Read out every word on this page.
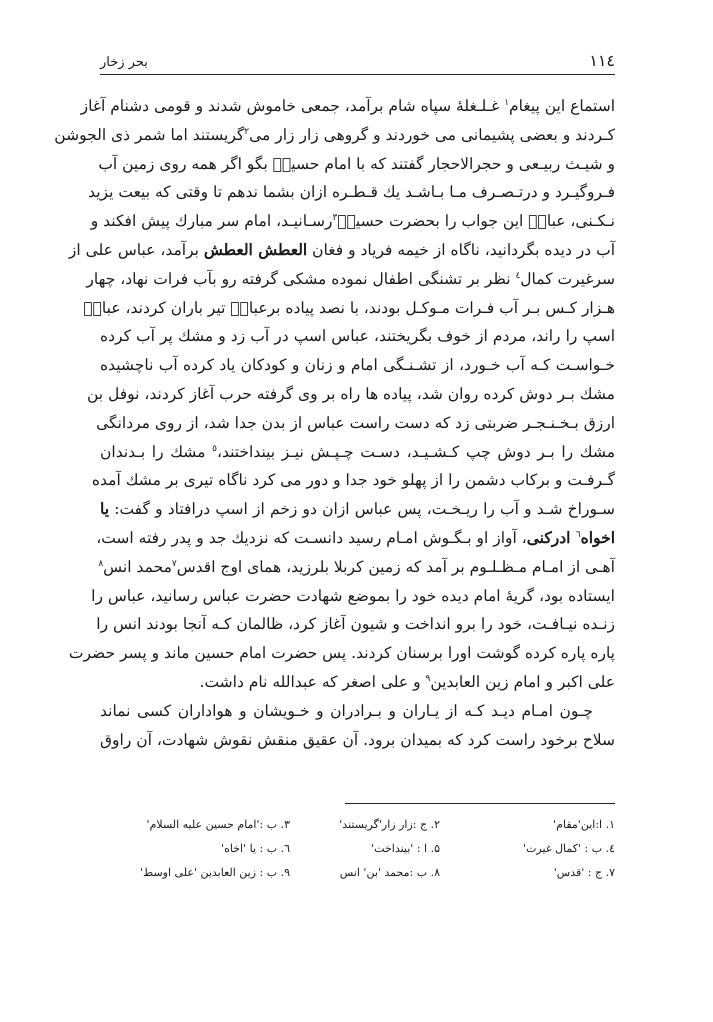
بحر زخار	۱۱٤
استماع این پیغام$^۱$ غـلـغلهٔ سپاه شام برآمد، جمعی خاموش شدند و قومی دشنام آغاز
کـردند و بعضی پشیمانی می خوردند و گروهی زار زار می$^۲$گریستند اما شمر ذی الجوشن
و شیـث ربیـعی و حجرالاحجار گفتند که با امام حسینؑ بگو اگر همه روی زمین آب
فـروگیـرد و درتـصـرف مـا بـاشـد یك قـطـره ازان بشما ندهم تا وقتی که بیعت یزید
نـکـنی، عباسؓ این جواب را بحضرت حسینؑ$^۳$رسـانیـد، امام سر مبارك پیش افکند و
آب در دیده بگردانید، ناگاه از خیمه فریاد و فغان العطش العطش برآمد، عباس علی از
سرغیرت کمال$^٤$ نظر بر تشنگی اطفال نموده مشکی گرفته رو بآب فرات نهاد، چهار
هـزار کـس بـر آب فـرات مـوکـل بودند، با نصد پیاده برعباسؓ تیر باران کردند، عباسؓ
اسپ را راند، مردم از خوف بگریختند، عباس اسپ در آب زد و مشك پر آب کرده
خـواسـت کـه آب خـورد، از تشـنـگی امام و زنان و کودکان یاد کرده آب ناچشیده
مشك بـر دوش کرده روان شد، پیاده ها راه بر وی گرفته حرب آغاز کردند، نوفل بن
ارزق بـخـنـجـر ضربتی زد که دست راست عباس از بدن جدا شد، از روی مردانگی
مشك را بـر دوش چپ کـشـیـد، دسـت چـپـش نیـز بینداختند،$^٥$ مشك را بـدندان
گـرفـت و برکاب دشمن را از پهلو خود جدا و دور می کرد ناگاه تیری بر مشك آمده
سـوراخ شـد و آب را ریـخـت، پس عباس ازان دو زخم از اسپ درافتاد و گفت: یا
اخواه$^٦$ ادرکنی، آواز او بـگـوش امـام رسید دانسـت که نزدیك جد و پدر رفته است،
آهـی از امـام مـظـلـوم بر آمد که زمین کربلا بلرزید، همای اوج اقدس$^۷$محمد انس$^۸$
ایستاده بود، گریهٔ امام دیده خود را بموضع شهادت حضرت عباس رسانید، عباس را
زنـده نیـافـت، خود را برو انداخت و شیون آغاز کرد، ظالمان کـه آنجا بودند انس را
پاره پاره کرده گوشت اورا برسنان کردند. پس حضرت امام حسین ماند و پسر حضرت
علی اکبر و امام زین العابدین$^۹$ و علی اصغر که عبدالله نام داشت.
چـون امـام دیـد کـه از یـاران و بـرادران و خـویشان و هواداران کسی نماند
سلاح برخود راست کرد که بمیدان برود. آن عقیق منقش نقوش شهادت، آن راوق
۱. ا:این'مقام'
۲. ج :زار زار'گریستند'
۳. ب :'امام حسین علیه السلام'
٤. ب : 'کمال غیرت'
۵. ا : 'بینداخت'
٦. ب : یا 'اخاه'
۷. ج : 'قدس'
۸. ب :محمد 'بن' انس
۹. ب : زین العابدین 'علی اوسط'
